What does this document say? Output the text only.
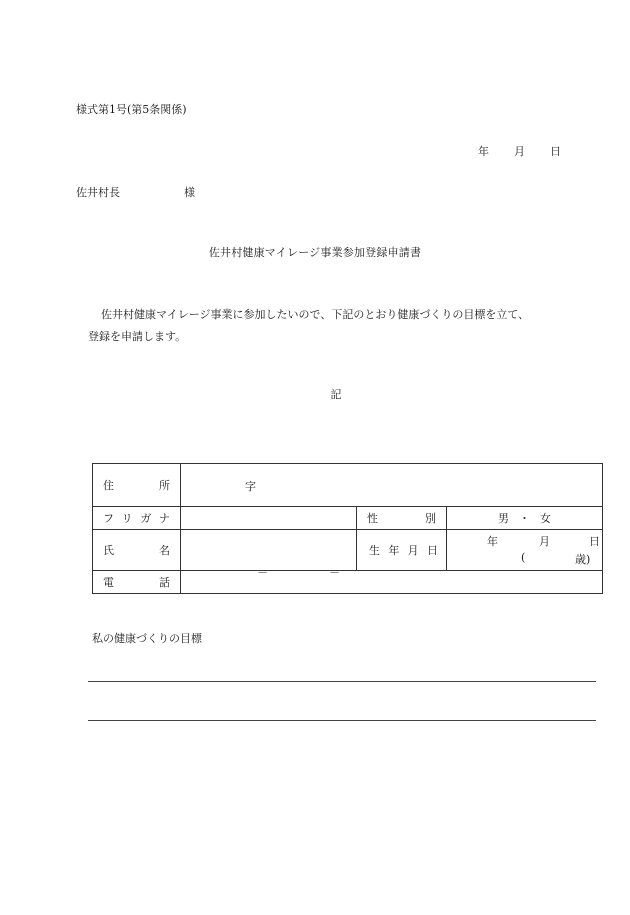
様式第1号(第5条関係)
年 月 日
佐井村長	様
佐井村健康マイレージ事業参加登録申請書

佐井村健康マイレージ事業に参加したいので、下記のとおり健康づくりの目標を立て、

登録を申請します。

記
住 所	字		

フ リ ガ ナ		性 別	男 ・ 女

氏 名		生 年 月 日	年 月 日
( 歳)

電 話	－ －		
私の健康づくりの目標
